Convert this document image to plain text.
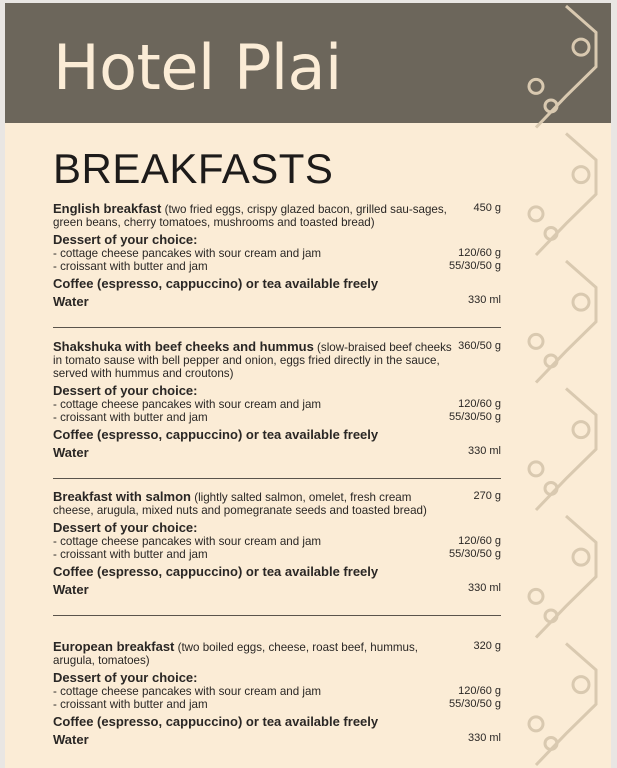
Hotel Plai
BREAKFASTS
English breakfast (two fried eggs, crispy glazed bacon, grilled sau-sages, green beans, cherry tomatoes, mushrooms and toasted bread)
450 g
Dessert of your choice:
- cottage cheese pancakes with sour cream and jam	120/60 g
- croissant with butter and jam	55/30/50 g
Coffee (espresso, cappuccino) or tea available freely
Water	330 ml
Shakshuka with beef cheeks and hummus (slow-braised beef cheeks in tomato sause with bell pepper and onion, eggs fried directly in the sauce, served with hummus and croutons)
360/50 g
Dessert of your choice:
- cottage cheese pancakes with sour cream and jam	120/60 g
- croissant with butter and jam	55/30/50 g
Coffee (espresso, cappuccino) or tea available freely
Water	330 ml
Breakfast with salmon (lightly salted salmon, omelet, fresh cream cheese, arugula, mixed nuts and pomegranate seeds and toasted bread)
270 g
Dessert of your choice:
- cottage cheese pancakes with sour cream and jam	120/60 g
- croissant with butter and jam	55/30/50 g
Coffee (espresso, cappuccino) or tea available freely
Water	330 ml
European breakfast (two boiled eggs, cheese, roast beef, hummus, arugula, tomatoes)
320 g
Dessert of your choice:
- cottage cheese pancakes with sour cream and jam	120/60 g
- croissant with butter and jam	55/30/50 g
Coffee (espresso, cappuccino) or tea available freely
Water	330 ml
